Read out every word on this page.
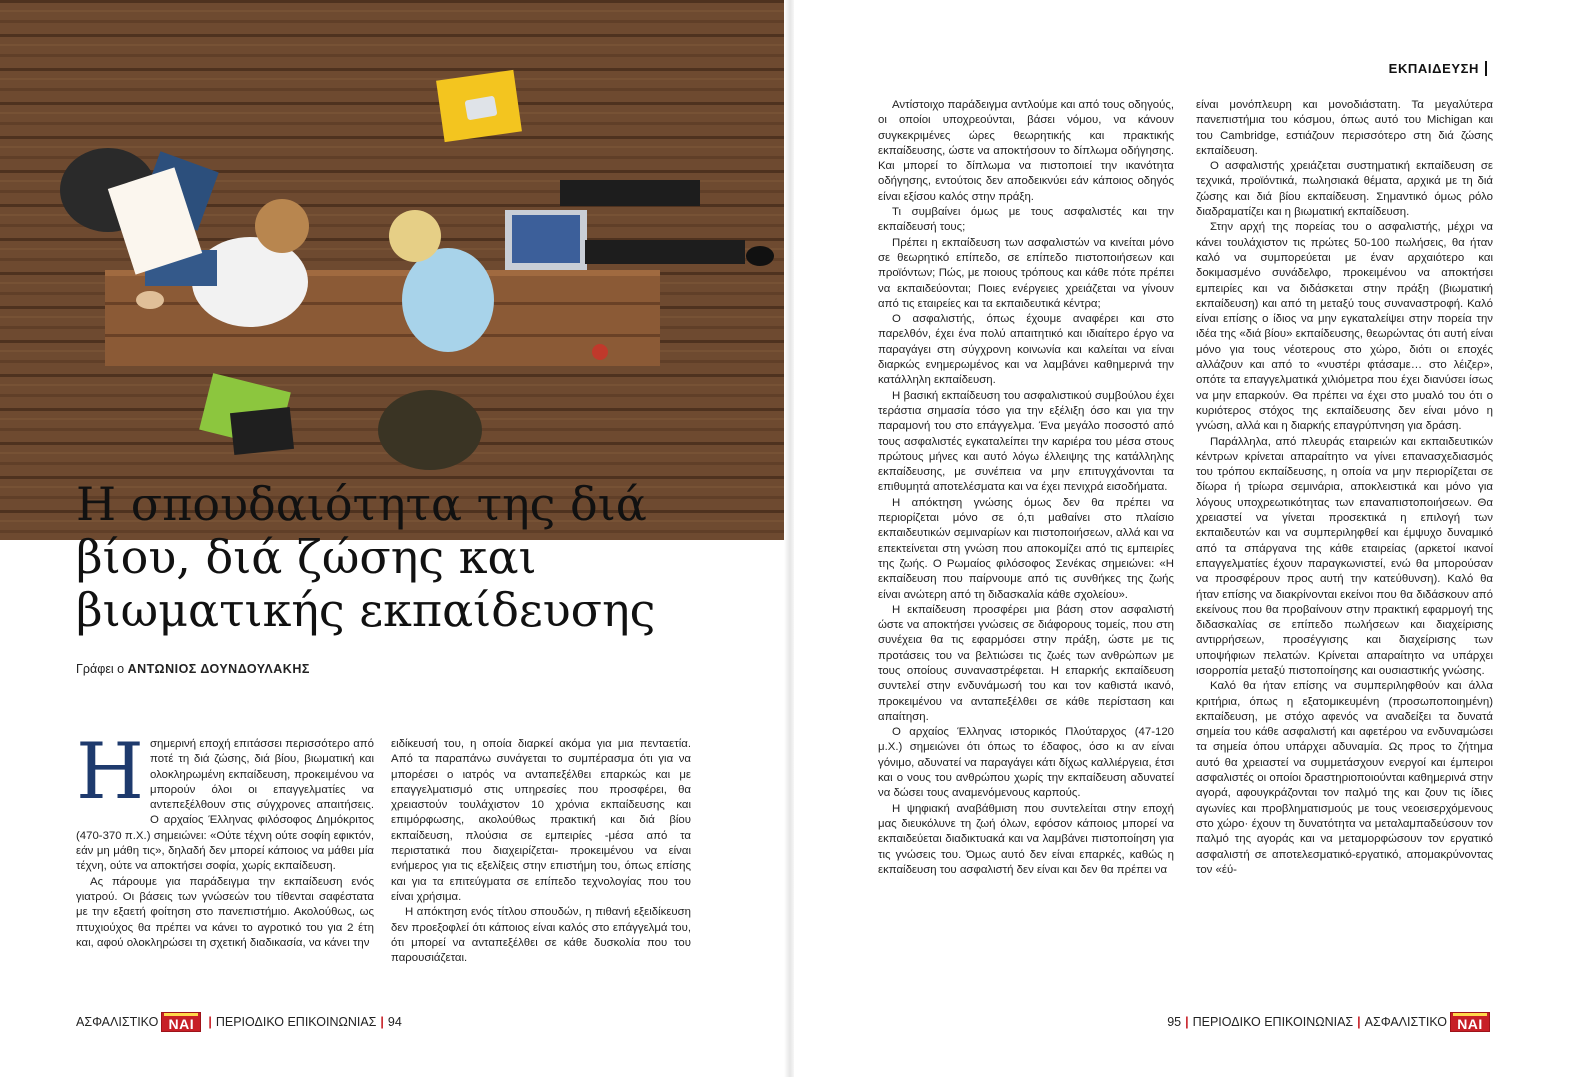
Η σπουδαιότητα της διά βίου, διά ζώσης και βιωματικής εκπαίδευσης
Γράφει ο ΑΝΤΩΝΙΟΣ ΔΟΥΝΔΟΥΛΑΚΗΣ
Η σημερινή εποχή επιτάσσει περισσότερο από ποτέ τη διά ζώσης, διά βίου, βιωματική και ολοκληρωμένη εκπαίδευση, προκειμένου να μπορούν όλοι οι επαγγελματίες να αντεπεξέλθουν στις σύγχρονες απαιτήσεις. Ο αρχαίος Έλληνας φιλόσοφος Δημόκριτος (470-370 π.Χ.) σημειώνει: «Ούτε τέχνη ούτε σοφίη εφικτόν, εάν μη μάθη τις», δηλαδή δεν μπορεί κάποιος να μάθει μία τέχνη, ούτε να αποκτήσει σοφία, χωρίς εκπαίδευση.

Ας πάρουμε για παράδειγμα την εκπαίδευση ενός γιατρού. Οι βάσεις των γνώσεών του τίθενται σαφέστατα με την εξαετή φοίτηση στο πανεπιστήμιο. Ακολούθως, ως πτυχιούχος θα πρέπει να κάνει το αγροτικό του για 2 έτη και, αφού ολοκληρώσει τη σχετική διαδικασία, να κάνει την

ειδίκευσή του, η οποία διαρκεί ακόμα για μια πενταετία. Από τα παραπάνω συνάγεται το συμπέρασμα ότι για να μπορέσει ο ιατρός να ανταπεξέλθει επαρκώς και με επαγγελματισμό στις υπηρεσίες που προσφέρει, θα χρειαστούν τουλάχιστον 10 χρόνια εκπαίδευσης και επιμόρφωσης, ακολούθως πρακτική και διά βίου εκπαίδευση, πλούσια σε εμπειρίες -μέσα από τα περιστατικά που διαχειρίζεται- προκειμένου να είναι ενήμερος για τις εξελίξεις στην επιστήμη του, όπως επίσης και για τα επιτεύγματα σε επίπεδο τεχνολογίας που του είναι χρήσιμα.

Η απόκτηση ενός τίτλου σπουδών, η πιθανή εξειδίκευση δεν προεξοφλεί ότι κάποιος είναι καλός στο επάγγελμά του, ότι μπορεί να ανταπεξέλθει σε κάθε δυσκολία που του παρουσιάζεται.

ΑΣΦΑΛΙΣΤΙΚΟ ΝΑΙ	| ΠΕΡΙΟΔΙΚΟ ΕΠΙΚΟΙΝΩΝΙΑΣ | 94
ΕΚΠΑΙΔΕΥΣΗ
95 | ΠΕΡΙΟΔΙΚΟ ΕΠΙΚΟΙΝΩΝΙΑΣ | ΑΣΦΑΛΙΣΤΙΚΟ ΝΑΙ

Αντίστοιχο παράδειγμα αντλούμε και από τους οδηγούς, οι οποίοι υποχρεούνται, βάσει νόμου, να κάνουν συγκεκριμένες ώρες θεωρητικής και πρακτικής εκπαίδευσης, ώστε να αποκτήσουν το δίπλωμα οδήγησης. Και μπορεί το δίπλωμα να πιστοποιεί την ικανότητα οδήγησης, εντούτοις δεν αποδεικνύει εάν κάποιος οδηγός είναι εξίσου καλός στην πράξη.

Τι συμβαίνει όμως με τους ασφαλιστές και την εκπαίδευσή τους;

Πρέπει η εκπαίδευση των ασφαλιστών να κινείται μόνο σε θεωρητικό επίπεδο, σε επίπεδο πιστοποιήσεων και προϊόντων; Πώς, με ποιους τρόπους και κάθε πότε πρέπει να εκπαιδεύονται; Ποιες ενέργειες χρειάζεται να γίνουν από τις εταιρείες και τα εκπαιδευτικά κέντρα;

Ο ασφαλιστής, όπως έχουμε αναφέρει και στο παρελθόν, έχει ένα πολύ απαιτητικό και ιδιαίτερο έργο να παραγάγει στη σύγχρονη κοινωνία και καλείται να είναι διαρκώς ενημερωμένος και να λαμβάνει καθημερινά την κατάλληλη εκπαίδευση.

Η βασική εκπαίδευση του ασφαλιστικού συμβούλου έχει τεράστια σημασία τόσο για την εξέλιξη όσο και για την παραμονή του στο επάγγελμα. Ένα μεγάλο ποσοστό από τους ασφαλιστές εγκαταλείπει την καριέρα του μέσα στους πρώτους μήνες και αυτό λόγω έλλειψης της κατάλληλης εκπαίδευσης, με συνέπεια να μην επιτυγχάνονται τα επιθυμητά αποτελέσματα και να έχει πενιχρά εισοδήματα.

Η απόκτηση γνώσης όμως δεν θα πρέπει να περιορίζεται μόνο σε ό,τι μαθαίνει στο πλαίσιο εκπαιδευτικών σεμιναρίων και πιστοποιήσεων, αλλά και να επεκτείνεται στη γνώση που αποκομίζει από τις εμπειρίες της ζωής. Ο Ρωμαίος φιλόσοφος Σενέκας σημειώνει: «Η εκπαίδευση που παίρνουμε από τις συνθήκες της ζωής είναι ανώτερη από τη διδασκαλία κάθε σχολείου».

Η εκπαίδευση προσφέρει μια βάση στον ασφαλιστή ώστε να αποκτήσει γνώσεις σε διάφορους τομείς, που στη συνέχεια θα τις εφαρμόσει στην πράξη, ώστε με τις προτάσεις του να βελτιώσει τις ζωές των ανθρώπων με τους οποίους συναναστρέφεται. Η επαρκής εκπαίδευση συντελεί στην ενδυνάμωσή του και τον καθιστά ικανό, προκειμένου να ανταπεξέλθει σε κάθε περίσταση και απαίτηση.

Ο αρχαίος Έλληνας ιστορικός Πλούταρχος (47-120 μ.Χ.) σημειώνει ότι όπως το έδαφος, όσο κι αν είναι γόνιμο, αδυνατεί να παραγάγει κάτι δίχως καλλιέργεια, έτσι και ο νους του ανθρώπου χωρίς την εκπαίδευση αδυνατεί να δώσει τους αναμενόμενους καρπούς.

Η ψηφιακή αναβάθμιση που συντελείται στην εποχή μας διευκόλυνε τη ζωή όλων, εφόσον κάποιος μπορεί να εκπαιδεύεται διαδικτυακά και να λαμβάνει πιστοποίηση για τις γνώσεις του. Όμως αυτό δεν είναι επαρκές, καθώς η εκπαίδευση του ασφαλιστή δεν είναι και δεν θα πρέπει να

είναι μονόπλευρη και μονοδιάστατη. Τα μεγαλύτερα πανεπιστήμια του κόσμου, όπως αυτό του Michigan και του Cambridge, εστιάζουν περισσότερο στη διά ζώσης εκπαίδευση.

Ο ασφαλιστής χρειάζεται συστηματική εκπαίδευση σε τεχνικά, προϊόντικά, πωλησιακά θέματα, αρχικά με τη διά ζώσης και διά βίου εκπαίδευση. Σημαντικό όμως ρόλο διαδραματίζει και η βιωματική εκπαίδευση.

Στην αρχή της πορείας του ο ασφαλιστής, μέχρι να κάνει τουλάχιστον τις πρώτες 50-100 πωλήσεις, θα ήταν καλό να συμπορεύεται με έναν αρχαιότερο και δοκιμασμένο συνάδελφο, προκειμένου να αποκτήσει εμπειρίες και να διδάσκεται στην πράξη (βιωματική εκπαίδευση) και από τη μεταξύ τους συναναστροφή. Καλό είναι επίσης ο ίδιος να μην εγκαταλείψει στην πορεία την ιδέα της «διά βίου» εκπαίδευσης, θεωρώντας ότι αυτή είναι μόνο για τους νέοτερους στο χώρο, διότι οι εποχές αλλάζουν και από το «νυστέρι φτάσαμε… στο λέιζερ», οπότε τα επαγγελματικά χιλιόμετρα που έχει διανύσει ίσως να μην επαρκούν. Θα πρέπει να έχει στο μυαλό του ότι ο κυριότερος στόχος της εκπαίδευσης δεν είναι μόνο η γνώση, αλλά και η διαρκής επαγρύπνηση για δράση.

Παράλληλα, από πλευράς εταιρειών και εκπαιδευτικών κέντρων κρίνεται απαραίτητο να γίνει επανασχεδιασμός του τρόπου εκπαίδευσης, η οποία να μην περιορίζεται σε δίωρα ή τρίωρα σεμινάρια, αποκλειστικά και μόνο για λόγους υποχρεωτικότητας των επαναπιστοποιήσεων. Θα χρειαστεί να γίνεται προσεκτικά η επιλογή των εκπαιδευτών και να συμπεριληφθεί και έμψυχο δυναμικό από τα σπάργανα της κάθε εταιρείας (αρκετοί ικανοί επαγγελματίες έχουν παραγκωνιστεί, ενώ θα μπορούσαν να προσφέρουν προς αυτή την κατεύθυνση). Καλό θα ήταν επίσης να διακρίνονται εκείνοι που θα διδάσκουν από εκείνους που θα προβαίνουν στην πρακτική εφαρμογή της διδασκαλίας σε επίπεδο πωλήσεων και διαχείρισης αντιρρήσεων, προσέγγισης και διαχείρισης των υποψήφιων πελατών. Κρίνεται απαραίτητο να υπάρχει ισορροπία μεταξύ πιστοποίησης και ουσιαστικής γνώσης.

Καλό θα ήταν επίσης να συμπεριληφθούν και άλλα κριτήρια, όπως η εξατομικευμένη (προσωποποιημένη) εκπαίδευση, με στόχο αφενός να αναδείξει τα δυνατά σημεία του κάθε ασφαλιστή και αφετέρου να ενδυναμώσει τα σημεία όπου υπάρχει αδυναμία. Ως προς το ζήτημα αυτό θα χρειαστεί να συμμετάσχουν ενεργοί και έμπειροι ασφαλιστές οι οποίοι δραστηριοποιούνται καθημερινά στην αγορά, αφουγκράζονται τον παλμό της και ζουν τις ίδιες αγωνίες και προβληματισμούς με τους νεοεισερχόμενους στο χώρο· έχουν τη δυνατότητα να μεταλαμπαδεύσουν τον παλμό της αγοράς και να μεταμορφώσουν τον εργατικό ασφαλιστή σε αποτελεσματικό-εργατικό, απομακρύνοντας τον «έύ-
